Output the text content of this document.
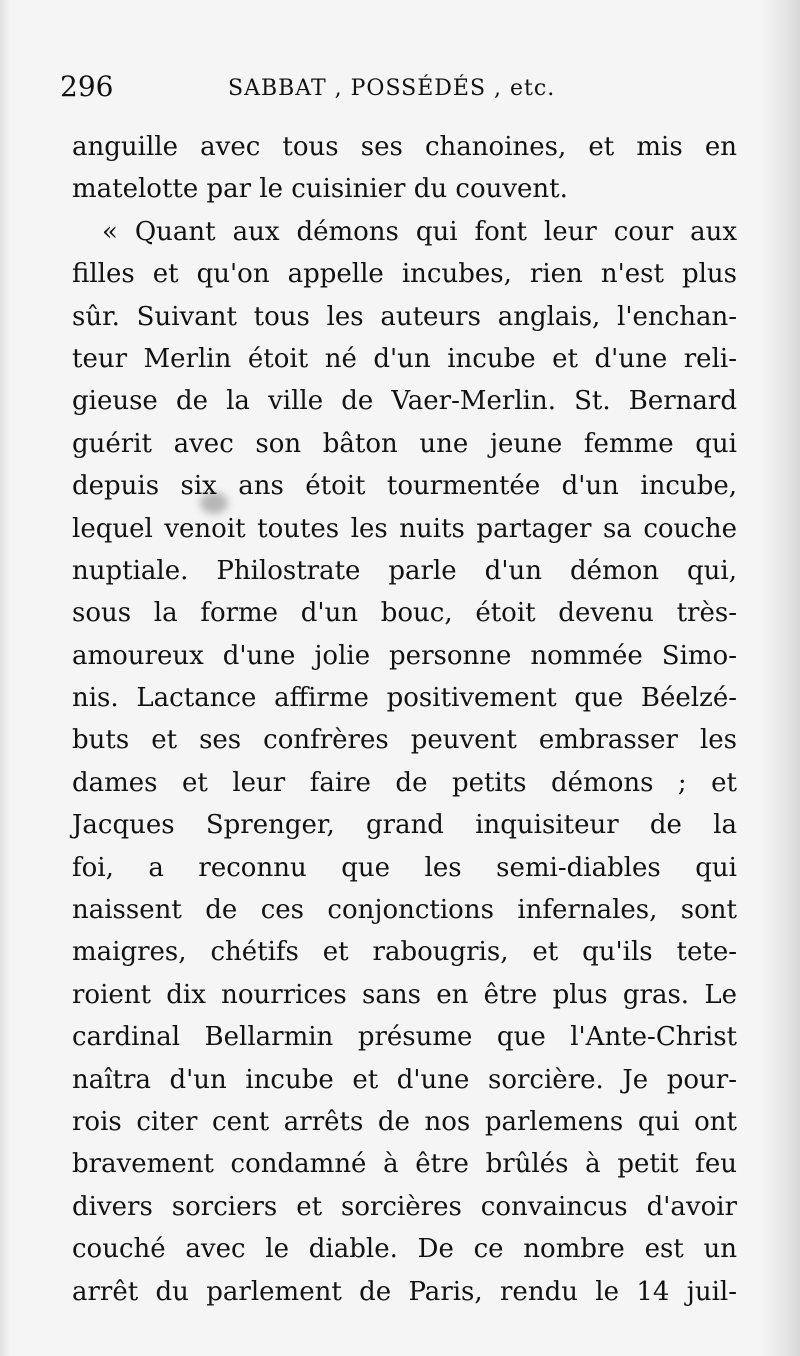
296	SABBAT , POSSÉDÉS , etc.
anguille avec tous ses chanoines, et mis en
matelotte par le cuisinier du couvent.
« Quant aux démons qui font leur cour aux
filles et qu'on appelle incubes, rien n'est plus
sûr. Suivant tous les auteurs anglais, l'enchan-
teur Merlin étoit né d'un incube et d'une reli-
gieuse de la ville de Vaer-Merlin. St. Bernard
guérit avec son bâton une jeune femme qui
depuis six ans étoit tourmentée d'un incube,
lequel venoit toutes les nuits partager sa couche
nuptiale. Philostrate parle d'un démon qui,
sous la forme d'un bouc, étoit devenu très-
amoureux d'une jolie personne nommée Simo-
nis. Lactance affirme positivement que Béelzé-
buts et ses confrères peuvent embrasser les
dames et leur faire de petits démons ; et
Jacques Sprenger, grand inquisiteur de la
foi, a reconnu que les semi-diables qui
naissent de ces conjonctions infernales, sont
maigres, chétifs et rabougris, et qu'ils tete-
roient dix nourrices sans en être plus gras. Le
cardinal Bellarmin présume que l'Ante-Christ
naîtra d'un incube et d'une sorcière. Je pour-
rois citer cent arrêts de nos parlemens qui ont
bravement condamné à être brûlés à petit feu
divers sorciers et sorcières convaincus d'avoir
couché avec le diable. De ce nombre est un
arrêt du parlement de Paris, rendu le 14 juil-
